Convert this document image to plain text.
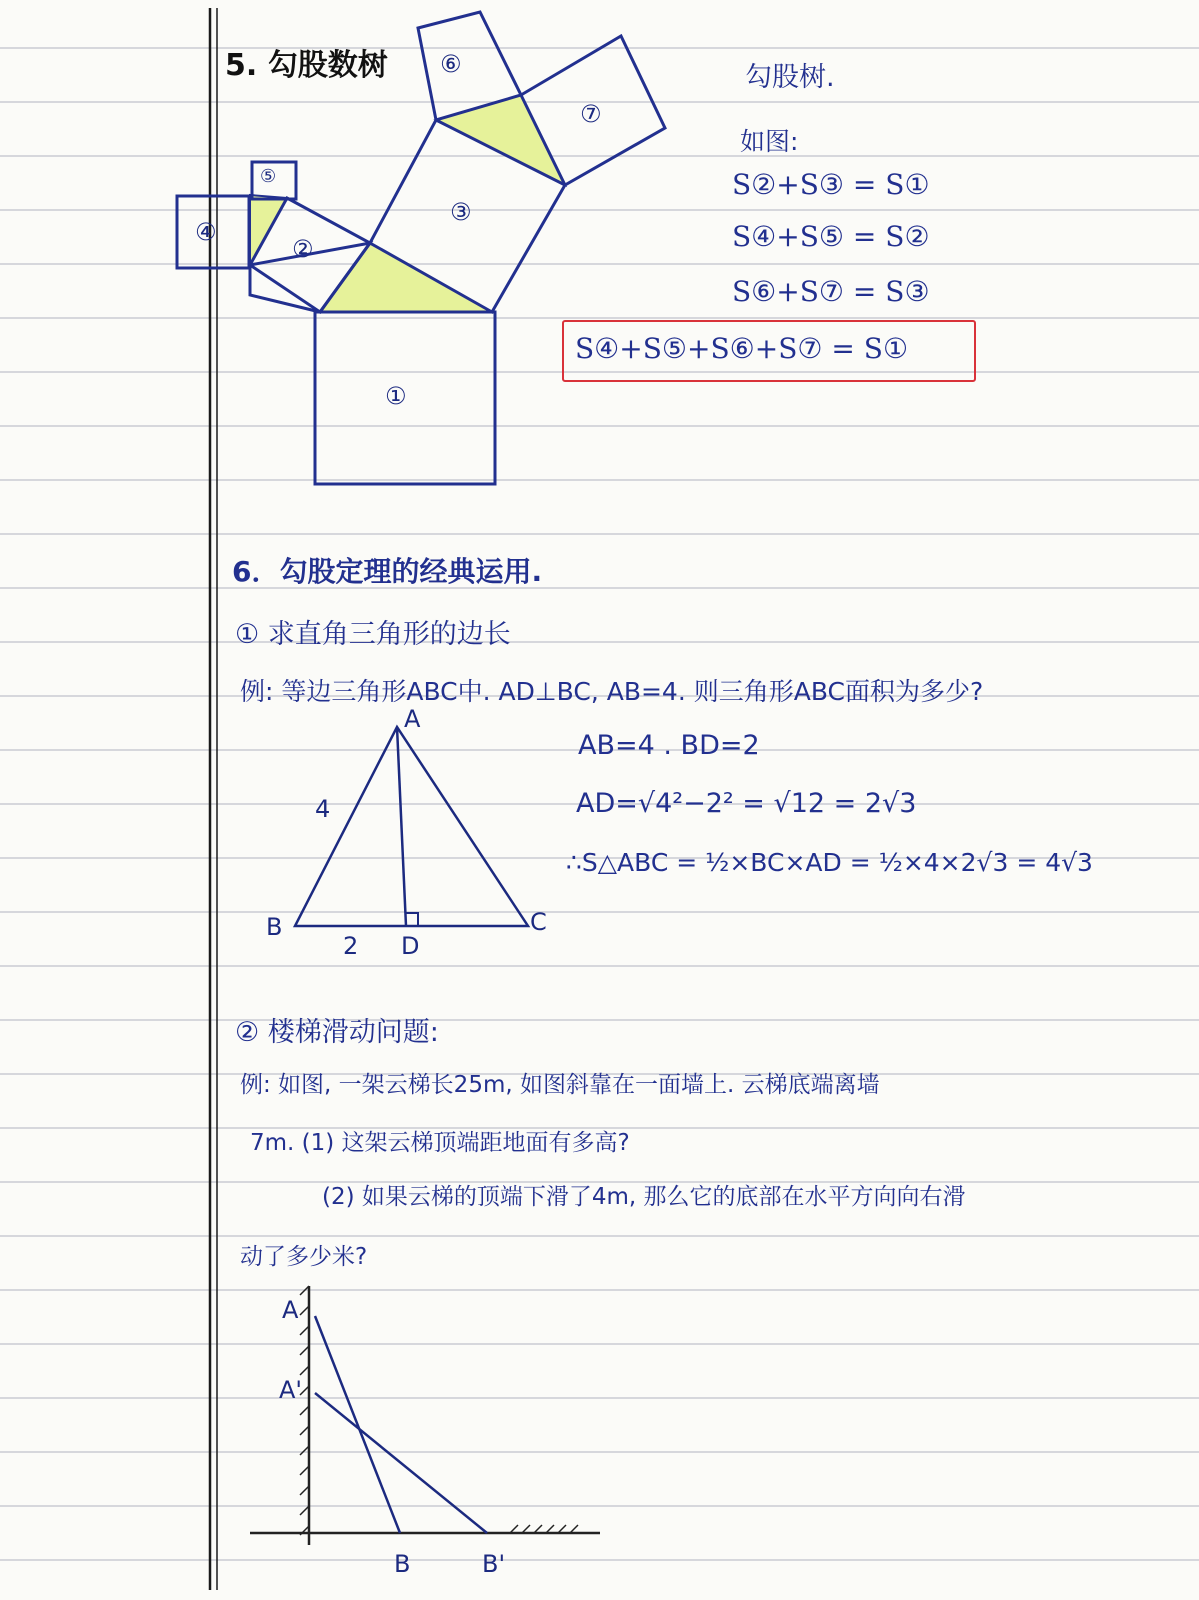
5. 勾股数树	勾股树.
如图:
S②+S③ = S①
S④+S⑤ = S②
S⑥+S⑦ = S③
S④+S⑤+S⑥+S⑦ = S①
①
②
③
④
⑤
⑥
⑦
6．勾股定理的经典运用.
① 求直角三角形的边长
例: 等边三角形ABC中. AD⊥BC, AB=4. 则三角形ABC面积为多少?
A
B	C
D
4
2
AB=4 . BD=2
AD=√4²−2² = √12 = 2√3
∴S△ABC = ½×BC×AD = ½×4×2√3 = 4√3
② 楼梯滑动问题:
例: 如图, 一架云梯长25m, 如图斜靠在一面墙上. 云梯底端离墙
7m. (1) 这架云梯顶端距地面有多高?
(2) 如果云梯的顶端下滑了4m, 那么它的底部在水平方向向右滑
动了多少米?
A
A'
B	B'
